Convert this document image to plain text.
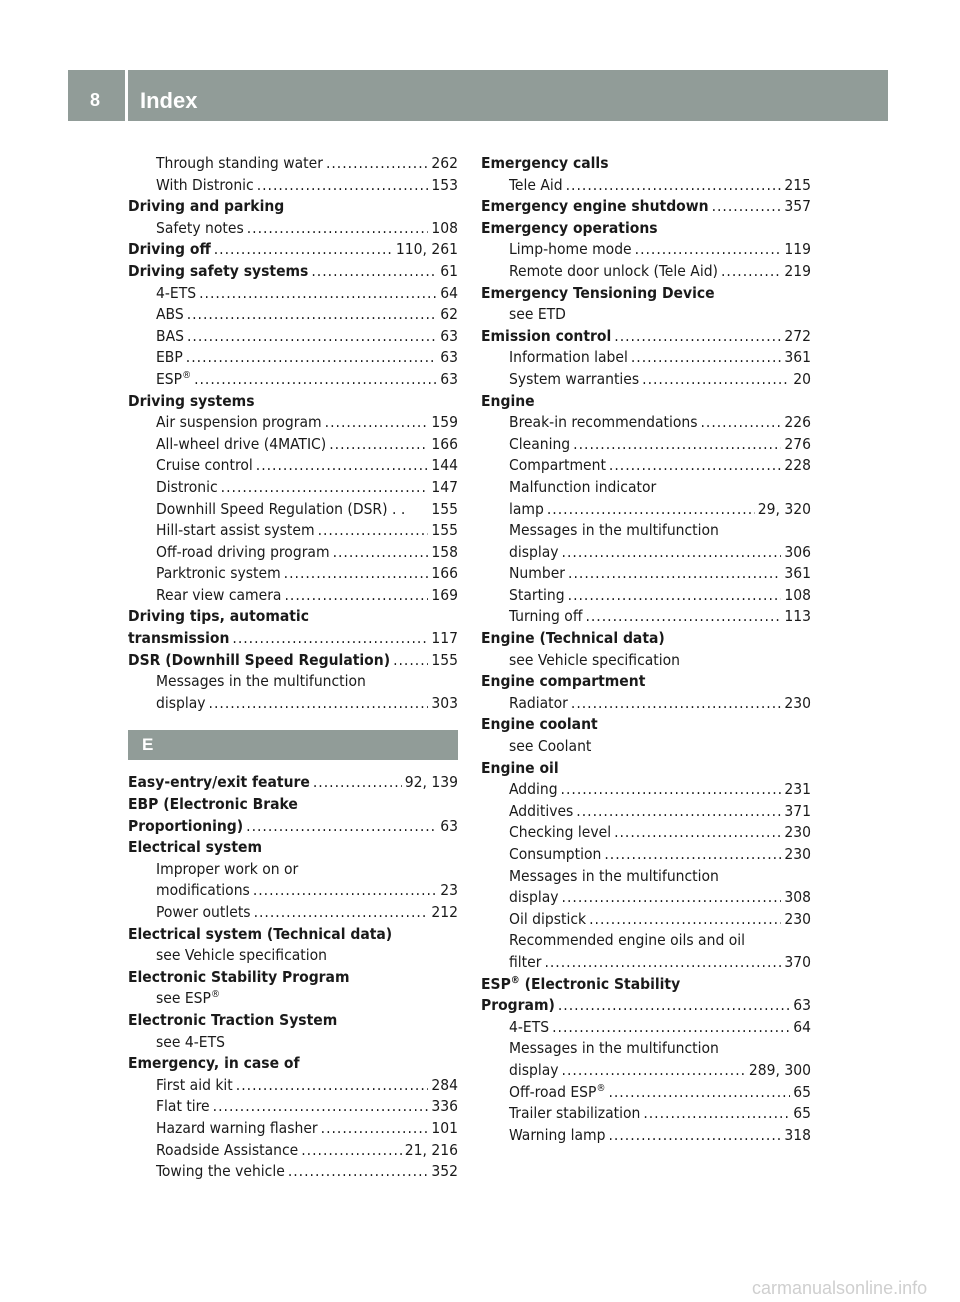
8 Index
Through standing water .....	262
With Distronic .....	153
Driving and parking
Safety notes .....	108
Driving off .....	110, 261
Driving safety systems .....	61
4-ETS .....	64
ABS .....	62
BAS .....	63
EBP .....	63
ESP® .....	63
Driving systems
Air suspension program .....	159
All-wheel drive (4MATIC) .....	166
Cruise control .....	144
Distronic .....	147
Downhill Speed Regulation (DSR) . . 155
Hill-start assist system .....	155
Off-road driving program .....	158
Parktronic system .....	166
Rear view camera .....	169
Driving tips, automatic
transmission .....	117
DSR (Downhill Speed Regulation) .....	155
Messages in the multifunction
display .....	303
E
Easy-entry/exit feature .....	92, 139
EBP (Electronic Brake
Proportioning) .....	63
Electrical system
Improper work on or
modifications .....	23
Power outlets .....	212
Electrical system (Technical data)
see Vehicle specification
Electronic Stability Program
see ESP®
Electronic Traction System
see 4-ETS
Emergency, in case of
First aid kit .....	284
Flat tire .....	336
Hazard warning flasher .....	101
Roadside Assistance .....	21, 216
Towing the vehicle .....	352
Emergency calls
Tele Aid .....	215
Emergency engine shutdown .....	357
Emergency operations
Limp-home mode .....	119
Remote door unlock (Tele Aid) .....	219
Emergency Tensioning Device
see ETD
Emission control .....	272
Information label .....	361
System warranties .....	20
Engine
Break-in recommendations .....	226
Cleaning .....	276
Compartment .....	228
Malfunction indicator
lamp .....	29, 320
Messages in the multifunction
display .....	306
Number .....	361
Starting .....	108
Turning off .....	113
Engine (Technical data)
see Vehicle specification
Engine compartment
Radiator .....	230
Engine coolant
see Coolant
Engine oil
Adding .....	231
Additives .....	371
Checking level .....	230
Consumption .....	230
Messages in the multifunction
display .....	308
Oil dipstick .....	230
Recommended engine oils and oil
filter .....	370
ESP® (Electronic Stability
Program) .....	63
4-ETS .....	64
Messages in the multifunction
display .....	289, 300
Off-road ESP® .....	65
Trailer stabilization .....	65
Warning lamp .....	318
carmanualsonline.info
